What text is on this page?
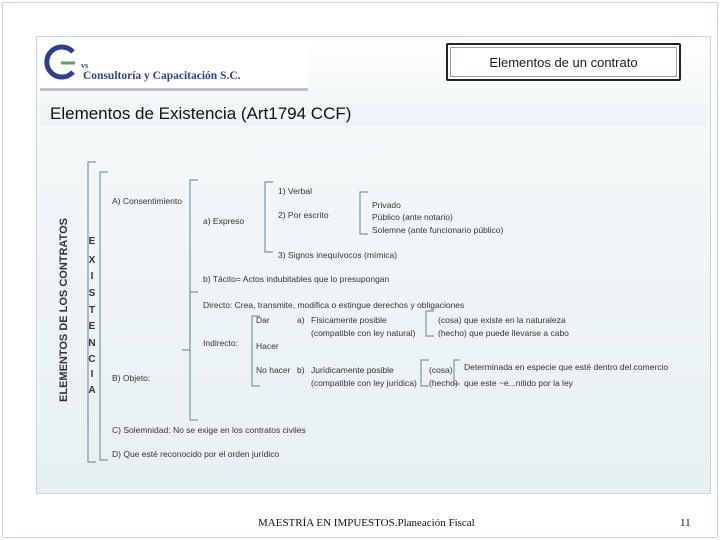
vs
Consultoría y Capacitación S.C.
Elementos de un contrato
Elementos de Existencia (Art1794 CCF)
ELEMENTOS DE LOS CONTRATOS E
X
I
S
T
E
N
C
I
A
A) Consentimiento
a) Expreso
1) Verbal
2) Por escrito
3) Signos inequívocos (mímica)
Privado
Público (ante notario)
Solemne (ante funcionario público)
b) Tácito= Actos indubitables que lo presupongan
Directo: Crea, transmite, modifica o extingue derechos y obligaciones
B) Objeto:
Indirecto:
Dar
Hacer
No hacer
a)
b)
Físicamente posible
(compatible con ley natural)
Jurídicamente posible
(compatible con ley jurídica)
(cosa) que existe en la naturaleza
(hecho) que puede llevarse a cabo
(cosa)
(hecho)
Determinada en especie que esté dentro del comercio
que este ~e...nitido por la ley
C) Solemnidad: No se exige en los contratos civiles
D) Que esté reconocido por el orden jurídico
MAESTRÍA EN IMPUESTOS.Planeación Fiscal	11
